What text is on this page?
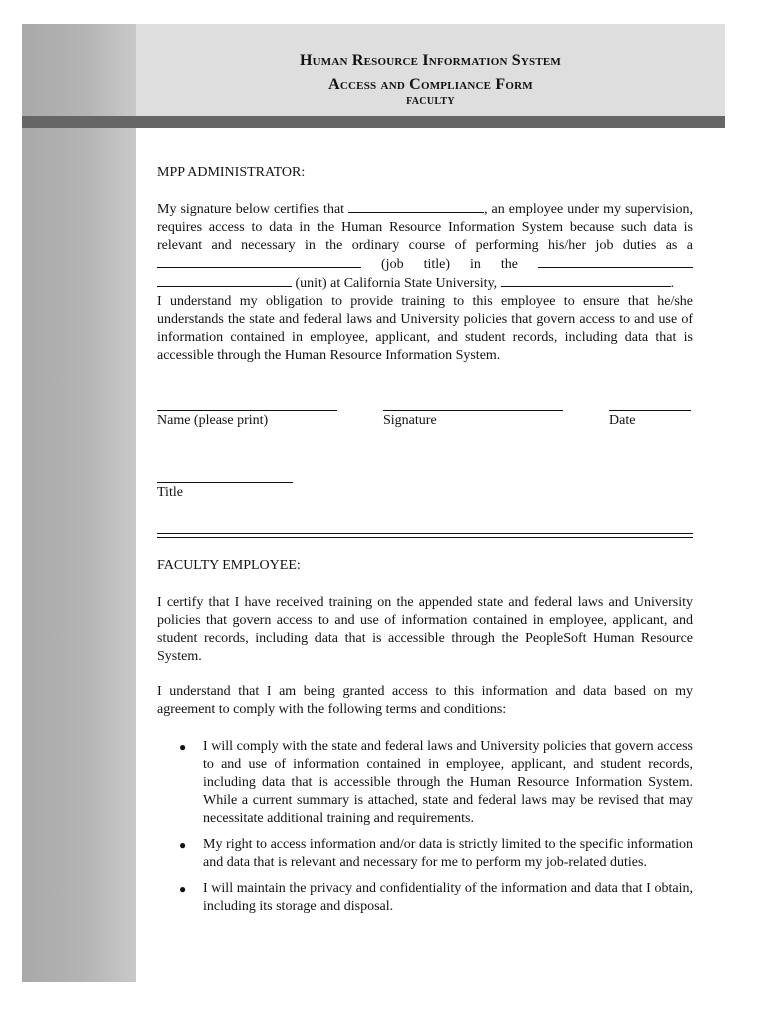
Human Resource Information System
Access and Compliance Form
FACULTY

MPP ADMINISTRATOR:

My signature below certifies that	, an employee under my supervision, requires access to data in the Human Resource Information System because such data is relevant and necessary in the ordinary course of performing his/her job duties as a  (job title) in the   (unit) at California State University,	.

I understand my obligation to provide training to this employee to ensure that he/she understands the state and federal laws and University policies that govern access to and use of information contained in employee, applicant, and student records, including data that is accessible through the Human Resource Information System.

Name (please print)	Signature	Date
Title

FACULTY EMPLOYEE:

I certify that I have received training on the appended state and federal laws and University policies that govern access to and use of information contained in employee, applicant, and student records, including data that is accessible through the PeopleSoft Human Resource System.

I understand that I am being granted access to this information and data based on my agreement to comply with the following terms and conditions:

● I will comply with the state and federal laws and University policies that govern access to and use of information contained in employee, applicant, and student records, including data that is accessible through the Human Resource Information System. While a current summary is attached, state and federal laws may be revised that may necessitate additional training and requirements.
● My right to access information and/or data is strictly limited to the specific information and data that is relevant and necessary for me to perform my job-related duties.
● I will maintain the privacy and confidentiality of the information and data that I obtain, including its storage and disposal.
